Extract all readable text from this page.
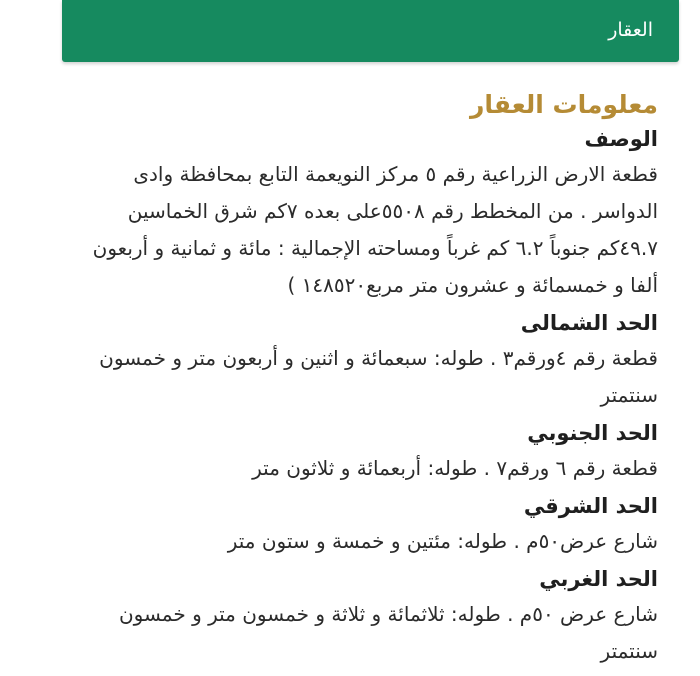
العقار
معلومات العقار
الوصف

قطعة الارض الزراعية رقم ٥ مركز النويعمة التابع بمحافظة وادى الدواسر . من المخطط رقم ٥٥٠٨على بعده ٧كم شرق الخماسين ٤٩.٧كم جنوباً ٦.٢ كم غرباً ومساحته الإجمالية : مائة و ثمانية و أربعون ألفا و خمسمائة و عشرون متر مربع١٤٨٥٢٠ )

الحد الشمالى

قطعة رقم ٤ورقم٣ . طوله: سبعمائة و اثنين و أربعون متر و خمسون سنتمتر

الحد الجنوبي

قطعة رقم ٦ ورقم٧ . طوله: أربعمائة و ثلاثون متر

الحد الشرقي

شارع عرض٥٠م . طوله: مئتين و خمسة و ستون متر

الحد الغربي

شارع عرض ٥٠م . طوله: ثلاثمائة و ثلاثة و خمسون متر و خمسون سنتمتر
